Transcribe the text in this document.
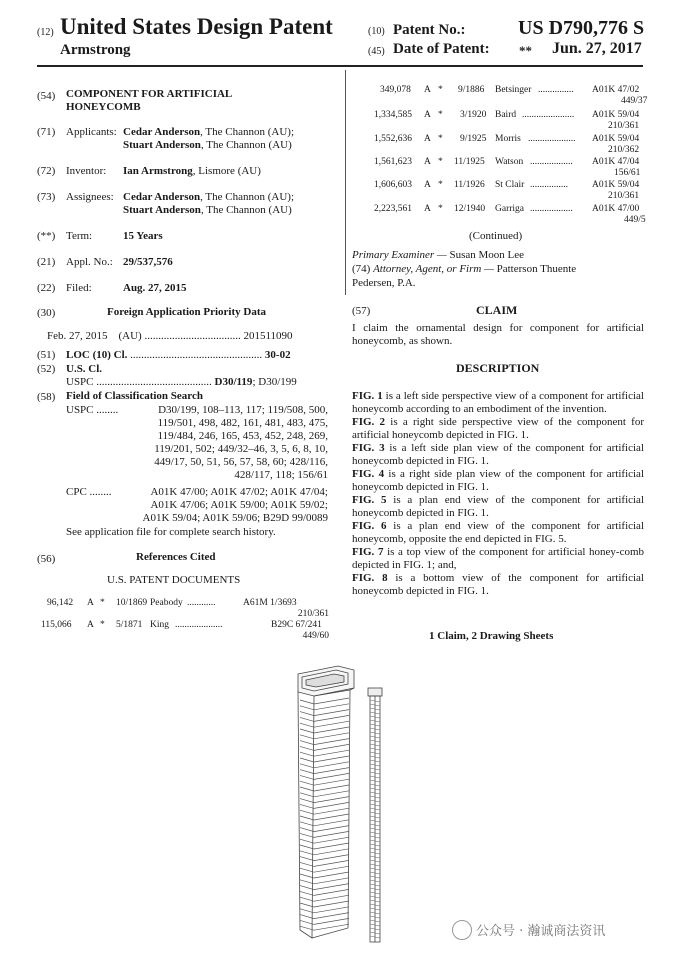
(12) United States Design Patent
Armstrong
(10) Patent No.:	US D790,776 S
(45) Date of Patent: ** Jun. 27, 2017
(54) COMPONENT FOR ARTIFICIAL
HONEYCOMB
(71) Applicants: Cedar Anderson, The Channon (AU);
Stuart Anderson, The Channon (AU)
(72) Inventor: Ian Armstrong, Lismore (AU)
(73) Assignees: Cedar Anderson, The Channon (AU);
Stuart Anderson, The Channon (AU)
(**) Term:	15 Years
(21) Appl. No.: 29/537,576
(22) Filed:	Aug. 27, 2015
(30)	Foreign Application Priority Data
Feb. 27, 2015 (AU) ................................... 201511090
(51) LOC (10) Cl. ................................................ 30-02
(52) U.S. Cl.
USPC .......................................... D30/119; D30/199
(58) Field of Classification Search
USPC ........	D30/199, 108–113, 117; 119/508, 500,
119/501, 498, 482, 161, 481, 483, 475,
119/484, 246, 165, 453, 452, 248, 269,
119/201, 502; 449/32–46, 3, 5, 6, 8, 10,
449/17, 50, 51, 56, 57, 58, 60; 428/116,
428/117, 118; 156/61
CPC ........	A01K 47/00; A01K 47/02; A01K 47/04;
A01K 47/06; A01K 59/00; A01K 59/02;
A01K 59/04; A01K 59/06; B29D 99/0089
See application file for complete search history.
(56)	References Cited
U.S. PATENT DOCUMENTS
96,142 A * 10/1869 Peabody ............	A61M 1/3693
210/361
115,066 A * 5/1871 King ....................	B29C 67/241
449/60
349,078 A * 9/1886 Betsinger ............... A01K 47/02
449/37
1,334,585 A * 3/1920 Baird ...................... A01K 59/04
210/361
1,552,636 A * 9/1925 Morris .................... A01K 59/04
210/362
1,561,623 A * 11/1925 Watson .................. A01K 47/04
156/61
1,606,603 A * 11/1926 St Clair ................	A01K 59/04
210/361
2,223,561 A * 12/1940 Garriga .................. A01K 47/00
449/5
(Continued)
Primary Examiner — Susan Moon Lee
(74) Attorney, Agent, or Firm — Patterson Thuente
Pedersen, P.A.
(57)	CLAIM
I claim the ornamental design for component for artificial honeycomb, as shown.
DESCRIPTION
FIG. 1 is a left side perspective view of a component for artificial honeycomb according to an embodiment of the invention.
FIG. 2 is a right side perspective view of the component for artificial honeycomb depicted in FIG. 1.
FIG. 3 is a left side plan view of the component for artificial honeycomb depicted in FIG. 1.
FIG. 4 is a right side plan view of the component for artificial honeycomb depicted in FIG. 1.
FIG. 5 is a plan end view of the component for artificial honeycomb depicted in FIG. 1.
FIG. 6 is a plan end view of the component for artificial honeycomb, opposite the end depicted in FIG. 5.
FIG. 7 is a top view of the component for artificial honey-comb depicted in FIG. 1; and,
FIG. 8 is a bottom view of the component for artificial honeycomb depicted in FIG. 1.
1 Claim, 2 Drawing Sheets
公众号 · 瀚诚商法资讯
